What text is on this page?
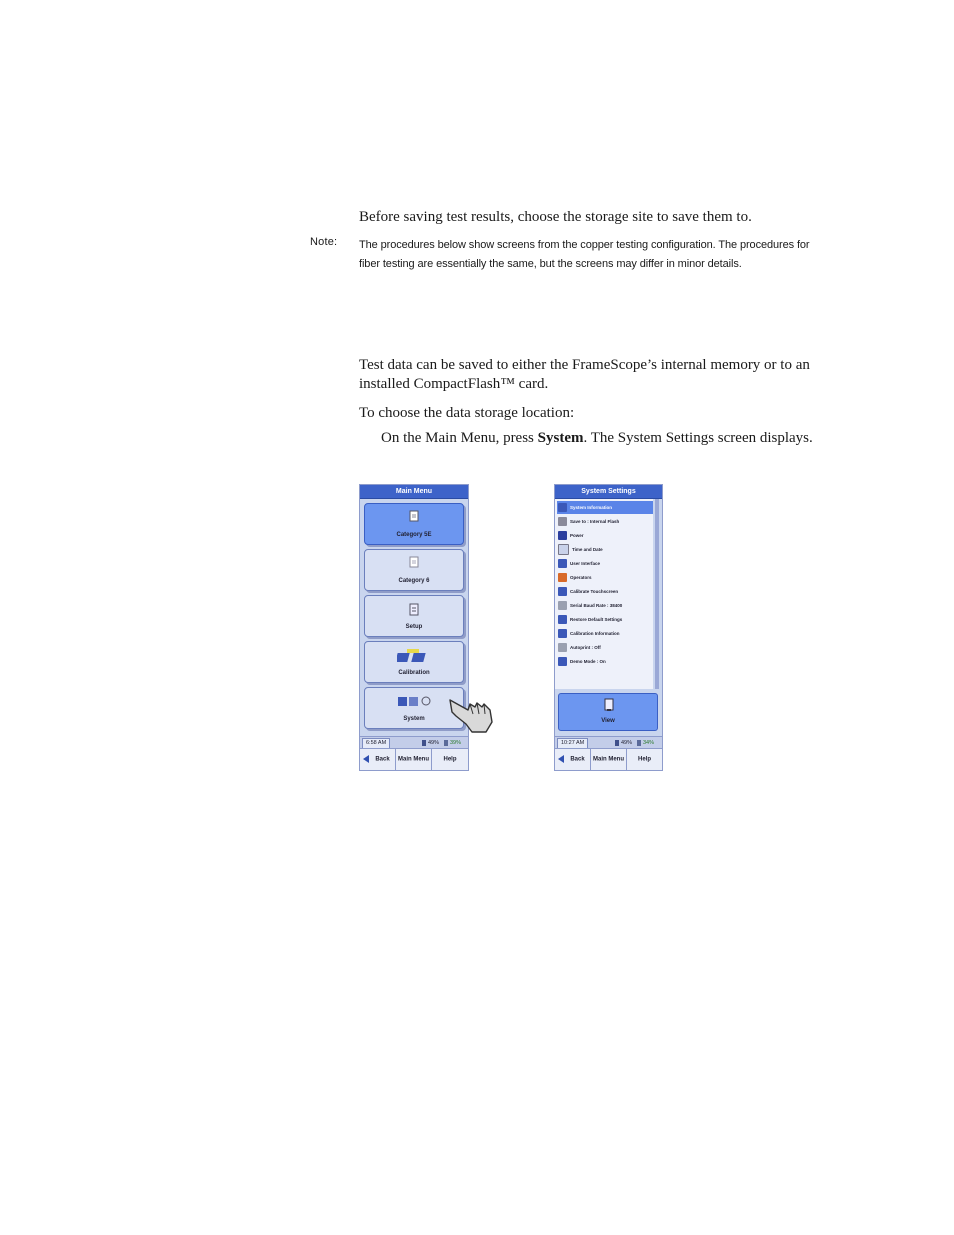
Before saving test results, choose the storage site to save them to.

Note: The procedures below show screens from the copper testing configuration. The procedures for fiber testing are essentially the same, but the screens may differ in minor details.

Test data can be saved to either the FrameScope’s internal memory or to an installed CompactFlash™ card.

To choose the data storage location:

On the Main Menu, press System. The System Settings screen displays.

Main Menu
Category 5E
Category 6
Setup
Calibration
System
6:58 AM	49% 39%
Back	Main Menu	Help
System Settings
System Information
Save to : Internal Flash
Power
Time and Date
User Interface
Operators
Calibrate Touchscreen
Serial Baud Rate : 38400
Restore Default Settings
Calibration Information
Autoprint : Off
Demo Mode : On
View
10:27 AM	49% 34%
Back	Main Menu	Help
